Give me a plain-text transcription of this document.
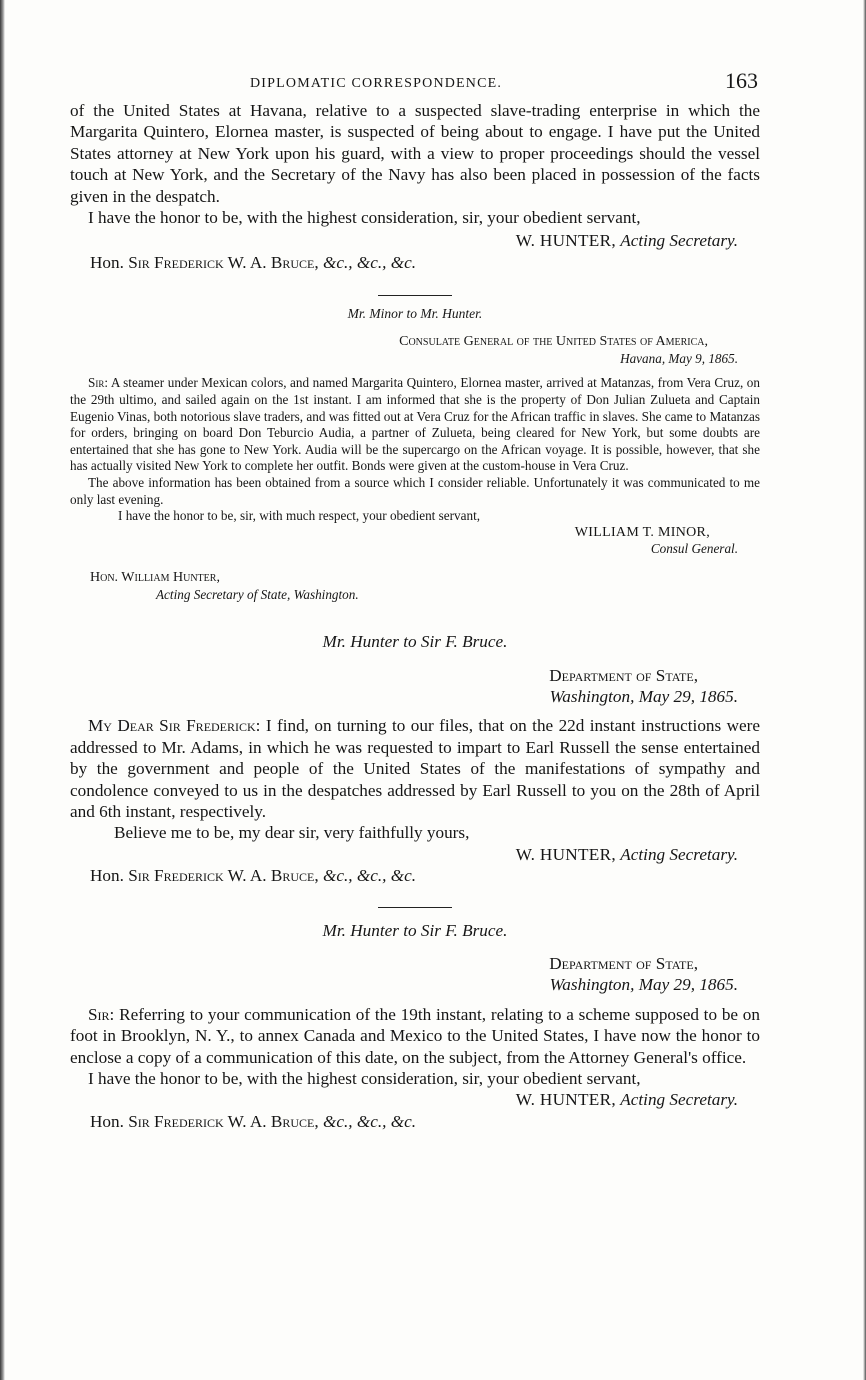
DIPLOMATIC CORRESPONDENCE.	163

of the United States at Havana, relative to a suspected slave-trading enterprise in which the Margarita Quintero, Elornea master, is suspected of being about to engage. I have put the United States attorney at New York upon his guard, with a view to proper proceedings should the vessel touch at New York, and the Secretary of the Navy has also been placed in possession of the facts given in the despatch.

I have the honor to be, with the highest consideration, sir, your obedient servant,

W. HUNTER, Acting Secretary.

Hon. Sir Frederick W. A. Bruce, &c., &c., &c.

Mr. Minor to Mr. Hunter.

Consulate General of the United States of America,

Havana, May 9, 1865.

Sir: A steamer under Mexican colors, and named Margarita Quintero, Elornea master, arrived at Matanzas, from Vera Cruz, on the 29th ultimo, and sailed again on the 1st instant. I am informed that she is the property of Don Julian Zulueta and Captain Eugenio Vinas, both notorious slave traders, and was fitted out at Vera Cruz for the African traffic in slaves. She came to Matanzas for orders, bringing on board Don Teburcio Audia, a partner of Zulueta, being cleared for New York, but some doubts are entertained that she has gone to New York. Audia will be the supercargo on the African voyage. It is possible, however, that she has actually visited New York to complete her outfit. Bonds were given at the custom-house in Vera Cruz.

The above information has been obtained from a source which I consider reliable. Unfortunately it was communicated to me only last evening.

I have the honor to be, sir, with much respect, your obedient servant,

WILLIAM T. MINOR,

Consul General.

Hon. William Hunter,

Acting Secretary of State, Washington.

Mr. Hunter to Sir F. Bruce.

Department of State,

Washington, May 29, 1865.

My Dear Sir Frederick: I find, on turning to our files, that on the 22d instant instructions were addressed to Mr. Adams, in which he was requested to impart to Earl Russell the sense entertained by the government and people of the United States of the manifestations of sympathy and condolence conveyed to us in the despatches addressed by Earl Russell to you on the 28th of April and 6th instant, respectively.

Believe me to be, my dear sir, very faithfully yours,

W. HUNTER, Acting Secretary.

Hon. Sir Frederick W. A. Bruce, &c., &c., &c.

Mr. Hunter to Sir F. Bruce.

Department of State,

Washington, May 29, 1865.

Sir: Referring to your communication of the 19th instant, relating to a scheme supposed to be on foot in Brooklyn, N. Y., to annex Canada and Mexico to the United States, I have now the honor to enclose a copy of a communication of this date, on the subject, from the Attorney General's office.

I have the honor to be, with the highest consideration, sir, your obedient servant,

W. HUNTER, Acting Secretary.

Hon. Sir Frederick W. A. Bruce, &c., &c., &c.
